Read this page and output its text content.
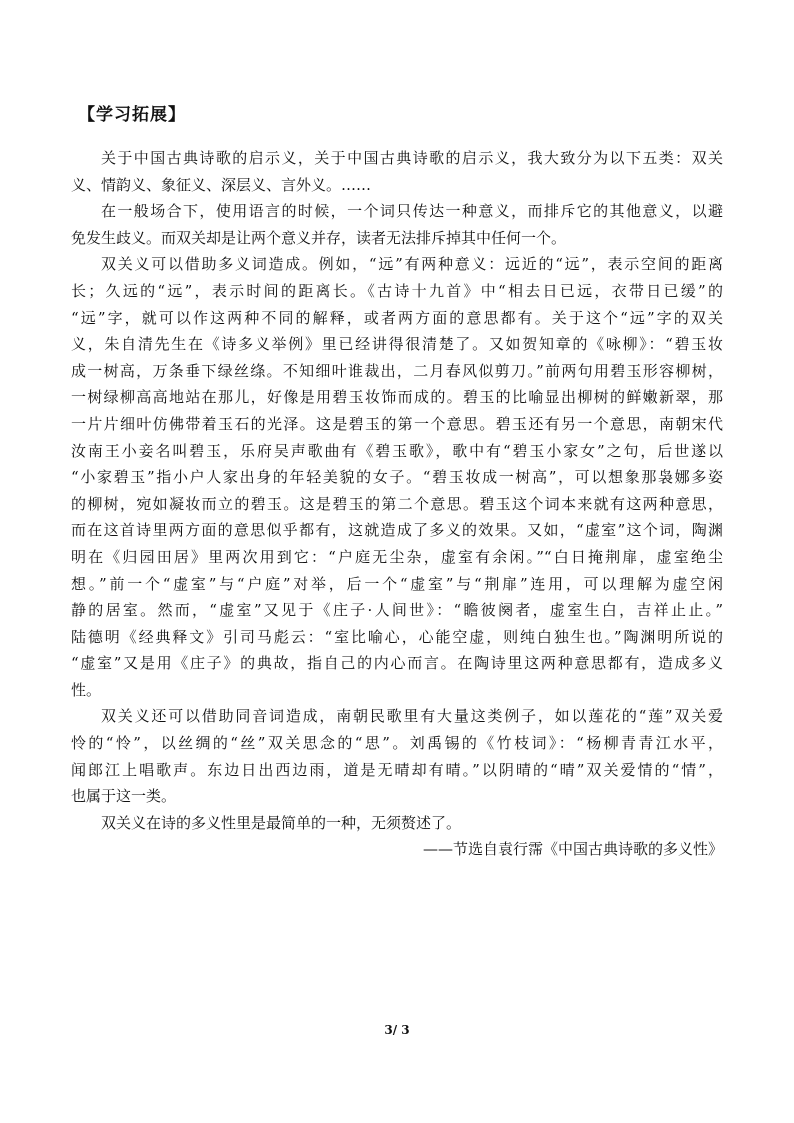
【学习拓展】
关于中国古典诗歌的启示义，关于中国古典诗歌的启示义，我大致分为以下五类：双关
义、情韵义、象征义、深层义、言外义。……
在一般场合下，使用语言的时候，一个词只传达一种意义，而排斥它的其他意义，以避
免发生歧义。而双关却是让两个意义并存，读者无法排斥掉其中任何一个。
双关义可以借助多义词造成。例如，“远”有两种意义：远近的“远”，表示空间的距离
长；久远的“远”，表示时间的距离长。《古诗十九首》中“相去日已远，衣带日已缓”的
“远”字，就可以作这两种不同的解释，或者两方面的意思都有。关于这个“远”字的双关
义，朱自清先生在《诗多义举例》里已经讲得很清楚了。又如贺知章的《咏柳》：“碧玉妆
成一树高，万条垂下绿丝绦。不知细叶谁裁出，二月春风似剪刀。”前两句用碧玉形容柳树，
一树绿柳高高地站在那儿，好像是用碧玉妆饰而成的。碧玉的比喻显出柳树的鲜嫩新翠，那
一片片细叶仿佛带着玉石的光泽。这是碧玉的第一个意思。碧玉还有另一个意思，南朝宋代
汝南王小妾名叫碧玉，乐府吴声歌曲有《碧玉歌》，歌中有“碧玉小家女”之句，后世遂以
“小家碧玉”指小户人家出身的年轻美貌的女子。“碧玉妆成一树高”，可以想象那袅娜多姿
的柳树，宛如凝妆而立的碧玉。这是碧玉的第二个意思。碧玉这个词本来就有这两种意思，
而在这首诗里两方面的意思似乎都有，这就造成了多义的效果。又如，“虚室”这个词，陶渊
明在《归园田居》里两次用到它：“户庭无尘杂，虚室有余闲。”“白日掩荆扉，虚室绝尘
想。”前一个“虚室”与“户庭”对举，后一个“虚室”与“荆扉”连用，可以理解为虚空闲
静的居室。然而，“虚室”又见于《庄子·人间世》：“瞻彼阕者，虚室生白，吉祥止止。”
陆德明《经典释文》引司马彪云：“室比喻心，心能空虚，则纯白独生也。”陶渊明所说的
“虚室”又是用《庄子》的典故，指自己的内心而言。在陶诗里这两种意思都有，造成多义
性。
双关义还可以借助同音词造成，南朝民歌里有大量这类例子，如以莲花的“莲”双关爱
怜的“怜”，以丝绸的“丝”双关思念的“思”。刘禹锡的《竹枝词》：“杨柳青青江水平，
闻郎江上唱歌声。东边日出西边雨，道是无晴却有晴。”以阴晴的“晴”双关爱情的“情”，
也属于这一类。
双关义在诗的多义性里是最简单的一种，无须赘述了。
——节选自袁行霈《中国古典诗歌的多义性》
3/ 3
